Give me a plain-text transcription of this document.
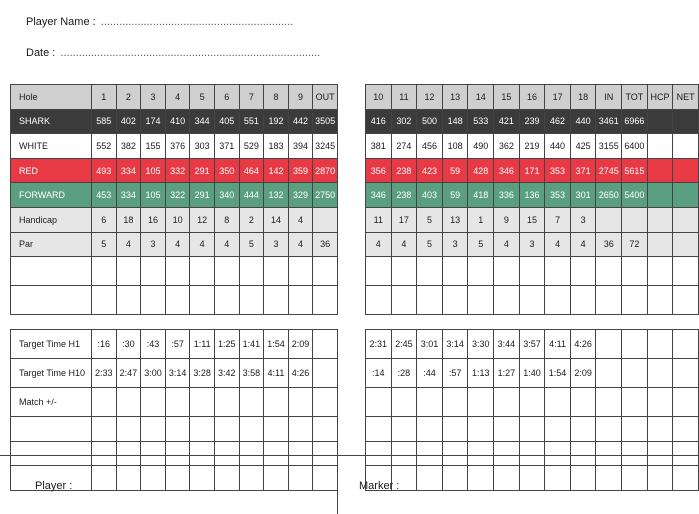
Player Name : ...............................................................
Date : .....................................................................................
Hole	1	2	3	4	5	6	7	8	9	OUT
SHARK	585	402	174	410	344	405	551	192	442	3505
WHITE	552	382	155	376	303	371	529	183	394	3245
RED	493	334	105	332	291	350	464	142	359	2870
FORWARD	453	334	105	322	291	340	444	132	329	2750
Handicap	6	18	16	10	12	8	2	14	4	
Par	5	4	3	4	4	4	5	3	4	36

Target Time H1	:16	:30	:43	:57	1:11	1:25	1:41	1:54	2:09	
Target Time H10	2:33	2:47	3:00	3:14	3:28	3:42	3:58	4:11	4:26	
Match +/-										

10	11	12	13	14	15	16	17	18	IN	TOT	HCP	NET
416	302	500	148	533	421	239	462	440	3461	6966		
381	274	456	108	490	362	219	440	425	3155	6400		
356	238	423	59	428	346	171	353	371	2745	5615		
346	238	403	59	418	336	136	353	301	2650	5400		
11	17	5	13	1	9	15	7	3				
4	4	5	3	5	4	3	4	4	36	72		

2:31	2:45	3:01	3:14	3:30	3:44	3:57	4:11	4:26				
:14	:28	:44	:57	1:13	1:27	1:40	1:54	2:09				

Player :	Marker :
